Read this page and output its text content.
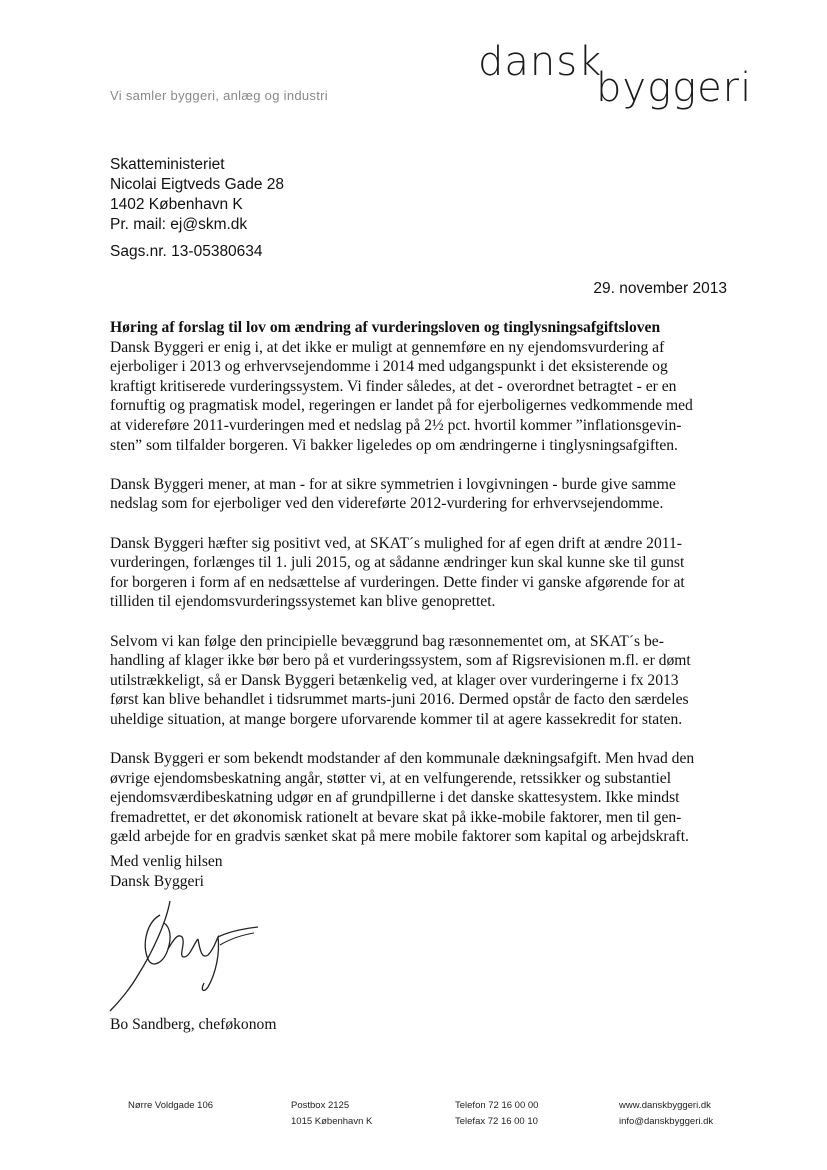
dansk
byggeri
Vi samler byggeri, anlæg og industri
Skatteministeriet
Nicolai Eigtveds Gade 28
1402 København K
Pr. mail: ej@skm.dk
Sags.nr. 13-05380634
29. november 2013
Høring af forslag til lov om ændring af vurderingsloven og tinglysningsafgiftsloven
Dansk Byggeri er enig i, at det ikke er muligt at gennemføre en ny ejendomsvurdering af
ejerboliger i 2013 og erhvervsejendomme i 2014 med udgangspunkt i det eksisterende og
kraftigt kritiserede vurderingssystem. Vi finder således, at det - overordnet betragtet - er en
fornuftig og pragmatisk model, regeringen er landet på for ejerboligernes vedkommende med
at videreføre 2011-vurderingen med et nedslag på 2½ pct. hvortil kommer ”inflationsgevin-
sten” som tilfalder borgeren. Vi bakker ligeledes op om ændringerne i tinglysningsafgiften.
Dansk Byggeri mener, at man - for at sikre symmetrien i lovgivningen - burde give samme
nedslag som for ejerboliger ved den videreførte 2012-vurdering for erhvervsejendomme.
Dansk Byggeri hæfter sig positivt ved, at SKAT´s mulighed for af egen drift at ændre 2011-
vurderingen, forlænges til 1. juli 2015, og at sådanne ændringer kun skal kunne ske til gunst
for borgeren i form af en nedsættelse af vurderingen. Dette finder vi ganske afgørende for at
tilliden til ejendomsvurderingssystemet kan blive genoprettet.
Selvom vi kan følge den principielle bevæggrund bag ræsonnementet om, at SKAT´s be-
handling af klager ikke bør bero på et vurderingssystem, som af Rigsrevisionen m.fl. er dømt
utilstrækkeligt, så er Dansk Byggeri betænkelig ved, at klager over vurderingerne i fx 2013
først kan blive behandlet i tidsrummet marts-juni 2016. Dermed opstår de facto den særdeles
uheldige situation, at mange borgere uforvarende kommer til at agere kassekredit for staten.
Dansk Byggeri er som bekendt modstander af den kommunale dækningsafgift. Men hvad den
øvrige ejendomsbeskatning angår, støtter vi, at en velfungerende, retssikker og substantiel
ejendomsværdibeskatning udgør en af grundpillerne i det danske skattesystem. Ikke mindst
fremadrettet, er det økonomisk rationelt at bevare skat på ikke-mobile faktorer, men til gen-
gæld arbejde for en gradvis sænket skat på mere mobile faktorer som kapital og arbejdskraft.
Med venlig hilsen
Dansk Byggeri
Bo Sandberg, cheføkonom
Nørre Voldgade 106	Postbox 2125
1015 København K
Telefon 72 16 00 00
Telefax 72 16 00 10
www.danskbyggeri.dk
info@danskbyggeri.dk
